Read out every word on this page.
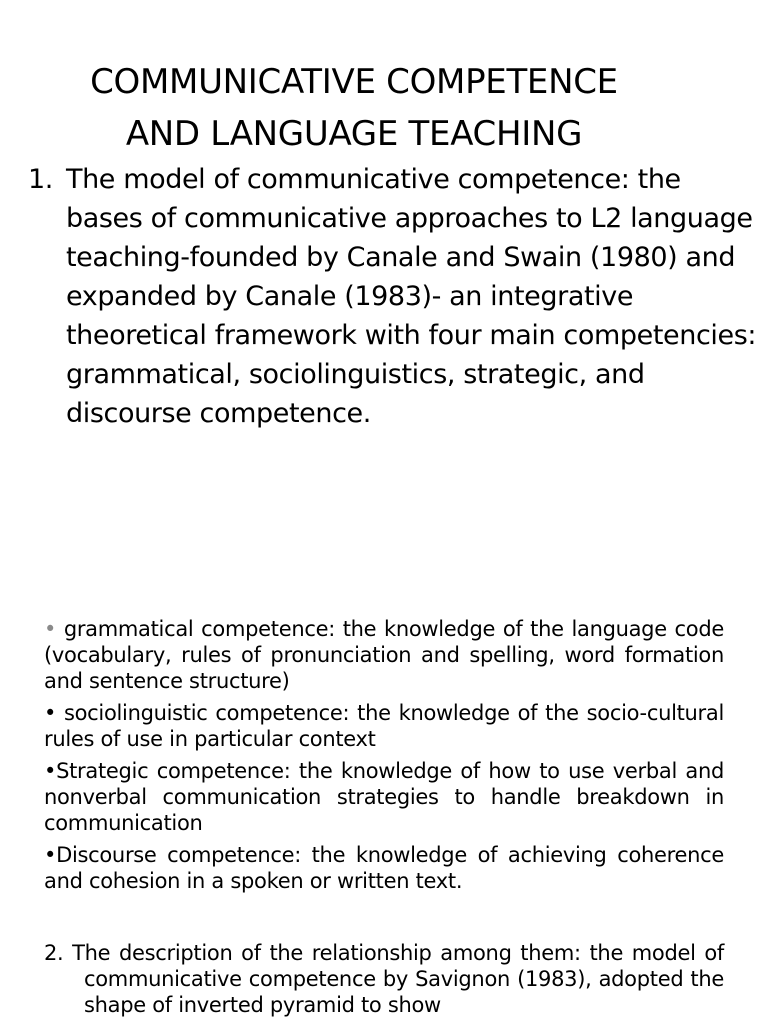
COMMUNICATIVE COMPETENCE
AND LANGUAGE TEACHING
1. The model of communicative competence: the bases of communicative approaches to L2 language teaching-founded by Canale and Swain (1980) and expanded by Canale (1983)- an integrative theoretical framework with four main competencies: grammatical, sociolinguistics, strategic, and discourse competence.

• grammatical competence: the knowledge of the language code (vocabulary, rules of pronunciation and spelling, word formation and sentence structure)

• sociolinguistic competence: the knowledge of the socio-cultural rules of use in particular context

•Strategic competence: the knowledge of how to use verbal and nonverbal communication strategies to handle breakdown in communication

•Discourse competence: the knowledge of achieving coherence and cohesion in a spoken or written text.

2. The description of the relationship among them: the model of communicative competence by Savignon (1983), adopted the shape of inverted pyramid to show
